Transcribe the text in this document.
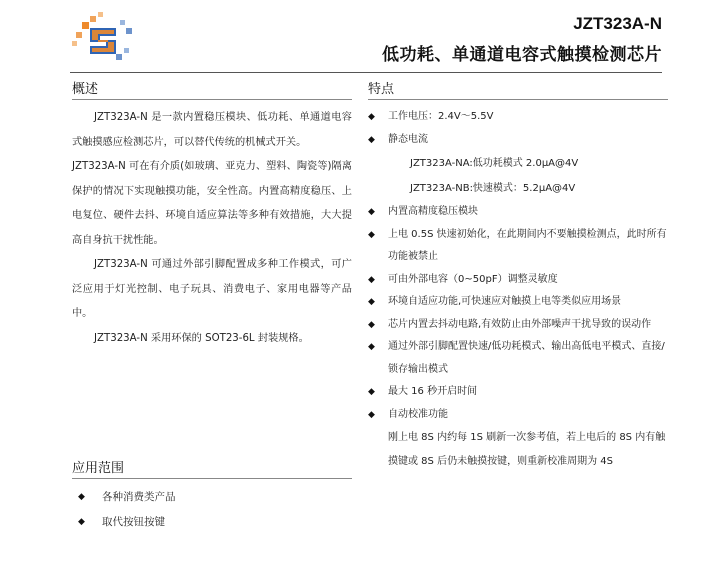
JZT323A-N
低功耗、单通道电容式触摸检测芯片
概述

JZT323A-N 是一款内置稳压模块、低功耗、单通道电容式触摸感应检测芯片，可以替代传统的机械式开关。

JZT323A-N 可在有介质(如玻璃、亚克力、塑料、陶瓷等)隔离保护的情况下实现触摸功能，安全性高。内置高精度稳压、上电复位、硬件去抖、环境自适应算法等多种有效措施，大大提高自身抗干扰性能。

JZT323A-N 可通过外部引脚配置成多种工作模式，可广泛应用于灯光控制、电子玩具、消费电子、家用电器等产品中。

JZT323A-N 采用环保的 SOT23-6L 封装规格。

应用范围
◆ 各种消费类产品
◆ 取代按钮按键
特点
◆ 工作电压：2.4V～5.5V
◆ 静态电流
JZT323A-NA:低功耗模式 2.0μA@4V
JZT323A-NB:快速模式：5.2μA@4V
◆ 内置高精度稳压模块
◆ 上电 0.5S 快速初始化，在此期间内不要触摸检测点，此时所有功能被禁止
◆ 可由外部电容（0~50pF）调整灵敏度
◆ 环境自适应功能,可快速应对触摸上电等类似应用场景
◆ 芯片内置去抖动电路,有效防止由外部噪声干扰导致的误动作
◆ 通过外部引脚配置快速/低功耗模式、输出高低电平模式、直接/锁存输出模式
◆ 最大 16 秒开启时间
◆ 自动校准功能
刚上电 8S 内约每 1S 刷新一次参考值，若上电后的 8S 内有触摸键或 8S 后仍未触摸按键，则重新校准周期为 4S
